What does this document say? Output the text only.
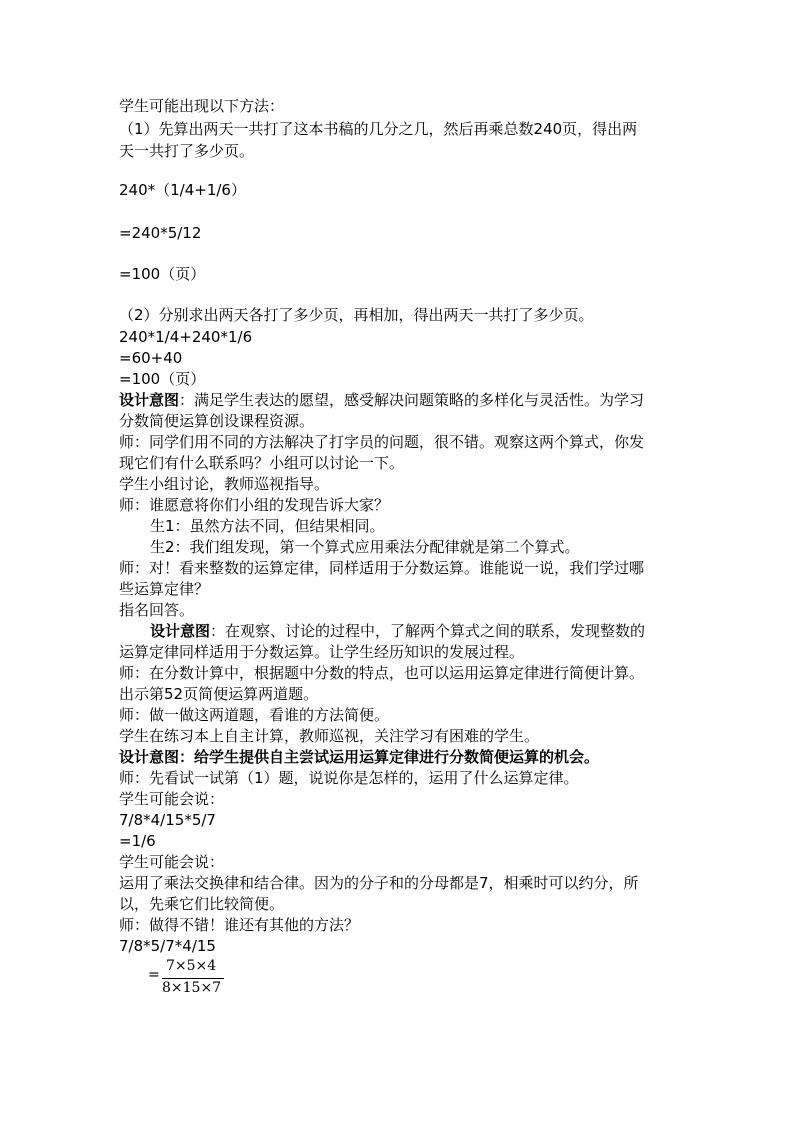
学生可能出现以下方法：
（1）先算出两天一共打了这本书稿的几分之几，然后再乘总数240页，得出两
天一共打了多少页。
240*（1/4+1/6）
=240*5/12
=100（页）
（2）分别求出两天各打了多少页，再相加，得出两天一共打了多少页。
240*1/4+240*1/6
=60+40
=100（页）
设计意图：满足学生表达的愿望，感受解决问题策略的多样化与灵活性。为学习
分数简便运算创设课程资源。
师：同学们用不同的方法解决了打字员的问题，很不错。观察这两个算式，你发
现它们有什么联系吗？小组可以讨论一下。
学生小组讨论，教师巡视指导。
师：谁愿意将你们小组的发现告诉大家？
生1：虽然方法不同，但结果相同。
生2：我们组发现，第一个算式应用乘法分配律就是第二个算式。
师：对！看来整数的运算定律，同样适用于分数运算。谁能说一说，我们学过哪
些运算定律？
指名回答。
设计意图：在观察、讨论的过程中，了解两个算式之间的联系，发现整数的
运算定律同样适用于分数运算。让学生经历知识的发展过程。
师：在分数计算中，根据题中分数的特点，也可以运用运算定律进行简便计算。
出示第52页简便运算两道题。
师：做一做这两道题，看谁的方法简便。
学生在练习本上自主计算，教师巡视，关注学习有困难的学生。
设计意图：给学生提供自主尝试运用运算定律进行分数简便运算的机会。
师：先看试一试第（1）题，说说你是怎样的，运用了什么运算定律。
学生可能会说：
7/8*4/15*5/7
=1/6
学生可能会说：
运用了乘法交换律和结合律。因为的分子和的分母都是7，相乘时可以约分，所
以，先乘它们比较简便。
师：做得不错！谁还有其他的方法？
7/8*5/7*4/15
=
7×5×4
8×15×7
